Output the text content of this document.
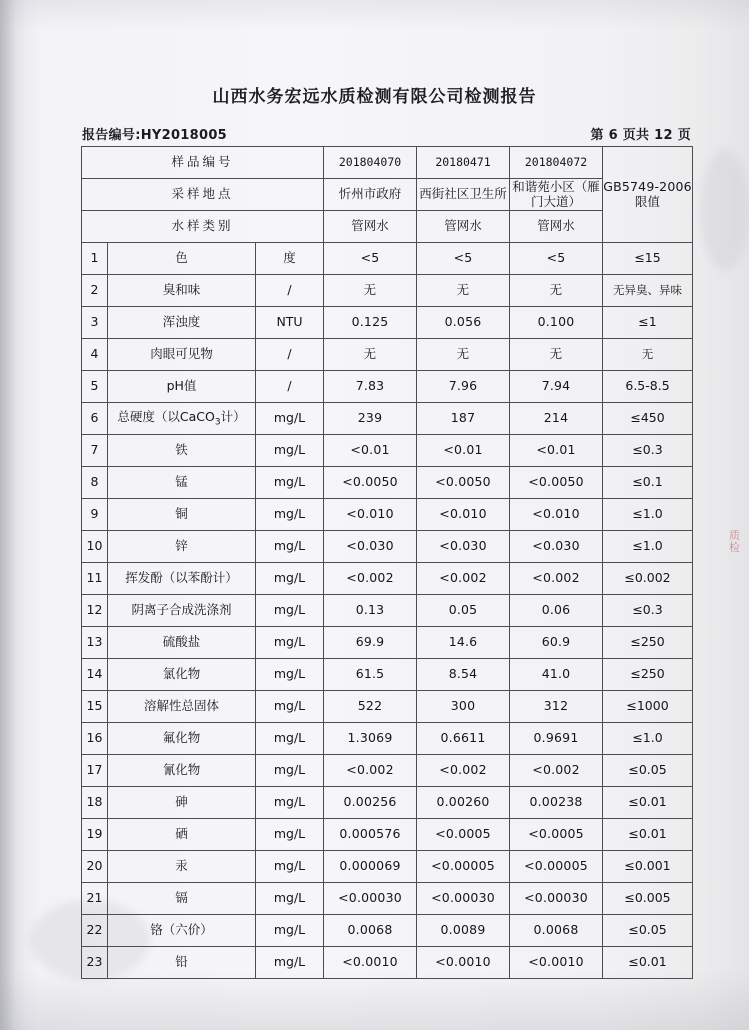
山西水务宏远水质检测有限公司检测报告
报告编号:HY2018005	第 6 页共 12 页
样品编号			201804070	20180471	201804072	GB5749-2006 限值
采样地点			忻州市政府	西街社区卫生所	和谐苑小区（雁门大道）	
水样类别			管网水	管网水	管网水	
1	色	度	<5	<5	<5	≤15
2	臭和味	/	无	无	无	无异臭、异味
3	浑浊度	NTU	0.125	0.056	0.100	≤1
4	肉眼可见物	/	无	无	无	无
5	pH值	/	7.83	7.96	7.94	6.5-8.5
6	总硬度（以CaCO$_3$计）	mg/L	239	187	214	≤450
7	铁	mg/L	<0.01	<0.01	<0.01	≤0.3
8	锰	mg/L	<0.0050	<0.0050	<0.0050	≤0.1
9	铜	mg/L	<0.010	<0.010	<0.010	≤1.0
10	锌	mg/L	<0.030	<0.030	<0.030	≤1.0
11	挥发酚（以苯酚计）	mg/L	<0.002	<0.002	<0.002	≤0.002
12	阴离子合成洗涤剂	mg/L	0.13	0.05	0.06	≤0.3
13	硫酸盐	mg/L	69.9	14.6	60.9	≤250
14	氯化物	mg/L	61.5	8.54	41.0	≤250
15	溶解性总固体	mg/L	522	300	312	≤1000
16	氟化物	mg/L	1.3069	0.6611	0.9691	≤1.0
17	氰化物	mg/L	<0.002	<0.002	<0.002	≤0.05
18	砷	mg/L	0.00256	0.00260	0.00238	≤0.01
19	硒	mg/L	0.000576	<0.0005	<0.0005	≤0.01
20	汞	mg/L	0.000069	<0.00005	<0.00005	≤0.001
21	镉	mg/L	<0.00030	<0.00030	<0.00030	≤0.005
22	铬（六价）	mg/L	0.0068	0.0089	0.0068	≤0.05
23	铅	mg/L	<0.0010	<0.0010	<0.0010	≤0.01
质检
